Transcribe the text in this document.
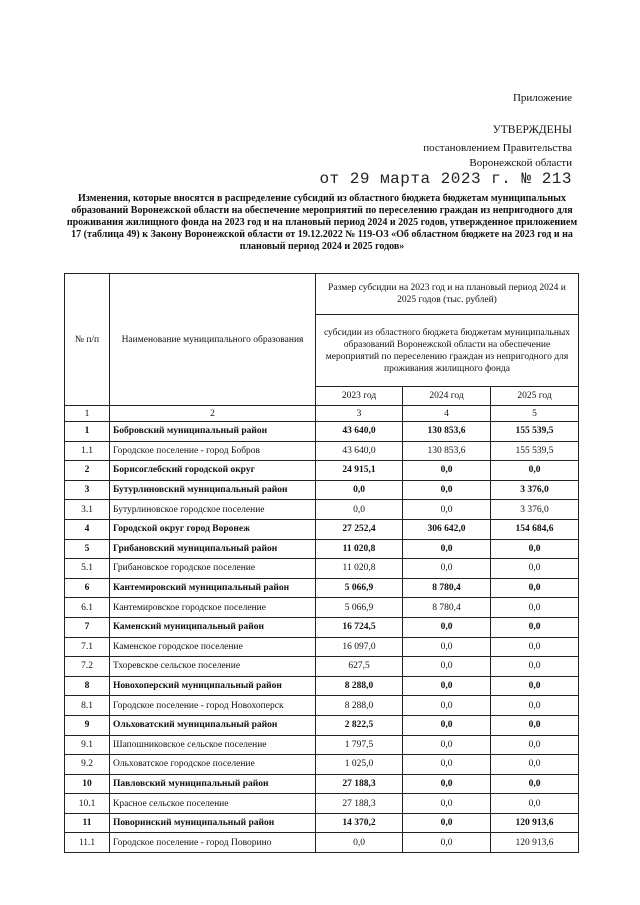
Приложение
УТВЕРЖДЕНЫ
постановлением Правительства
Воронежской области
от 29 марта 2023 г. № 213
Изменения, которые вносятся в распределение субсидий из областного бюджета бюджетам муниципальных образований Воронежской области на обеспечение мероприятий по переселению граждан из непригодного для проживания жилищного фонда на 2023 год и на плановый период 2024 и 2025 годов, утвержденное приложением 17 (таблица 49) к Закону Воронежской области от 19.12.2022 № 119-ОЗ «Об областном бюджете на 2023 год и на плановый период 2024 и 2025 годов»
№ п/п	Наименование муниципального образования	Размер субсидии на 2023 год и на плановый период 2024 и 2025 годов (тыс. рублей)		
		субсидии из областного бюджета бюджетам муниципальных образований Воронежской области на обеспечение мероприятий по переселению граждан из непригодного для проживания жилищного фонда		
		2023 год	2024 год	2025 год
1	2	3	4	5
1	Бобровский муниципальный район	43 640,0	130 853,6	155 539,5
1.1	Городское поселение - город Бобров	43 640,0	130 853,6	155 539,5
2	Борисоглебский городской округ	24 915,1	0,0	0,0
3	Бутурлиновский муниципальный район	0,0	0,0	3 376,0
3.1	Бутурлиновское городское поселение	0,0	0,0	3 376,0
4	Городской округ город Воронеж	27 252,4	306 642,0	154 684,6
5	Грибановский муниципальный район	11 020,8	0,0	0,0
5.1	Грибановское городское поселение	11 020,8	0,0	0,0
6	Кантемировский муниципальный район	5 066,9	8 780,4	0,0
6.1	Кантемировское городское поселение	5 066,9	8 780,4	0,0
7	Каменский муниципальный район	16 724,5	0,0	0,0
7.1	Каменское городское поселение	16 097,0	0,0	0,0
7.2	Тхоревское сельское поселение	627,5	0,0	0,0
8	Новохоперский муниципальный район	8 288,0	0,0	0,0
8.1	Городское поселение - город Новохоперск	8 288,0	0,0	0,0
9	Ольховатский муниципальный район	2 822,5	0,0	0,0
9.1	Шапошниковское сельское поселение	1 797,5	0,0	0,0
9.2	Ольховатское городское поселение	1 025,0	0,0	0,0
10	Павловский муниципальный район	27 188,3	0,0	0,0
10.1	Красное сельское поселение	27 188,3	0,0	0,0
11	Поворинский муниципальный район	14 370,2	0,0	120 913,6
11.1	Городское поселение - город Поворино	0,0	0,0	120 913,6
